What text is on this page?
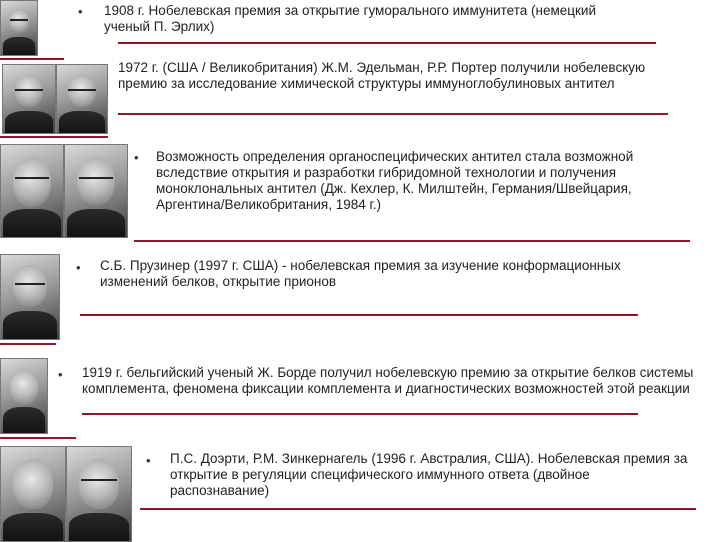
• 1908 г. Нобелевская премия за открытие гуморального иммунитета (немецкий ученый П. Эрлих)
1972 г. (США / Великобритания) Ж.М. Эдельман, Р.Р. Портер получили нобелевскую премию за исследование химической структуры иммуноглобулиновых антител
• Возможность определения органоспецифических антител стала возможной вследствие открытия и разработки гибридомной технологии и получения моноклональных антител (Дж. Кехлер, К. Милштейн, Германия/Швейцария, Аргентина/Великобритания, 1984 г.)
• С.Б. Прузинер (1997 г. США) - нобелевская премия за изучение конформационных изменений белков, открытие прионов
• 1919 г. бельгийский ученый Ж. Борде получил нобелевскую премию за открытие белков системы комплемента, феномена фиксации комплемента и диагностических возможностей этой реакции
• П.С. Доэрти, Р.М. Зинкернагель (1996 г. Австралия, США). Нобелевская премия за открытие в регуляции специфического иммунного ответа (двойное распознавание)
